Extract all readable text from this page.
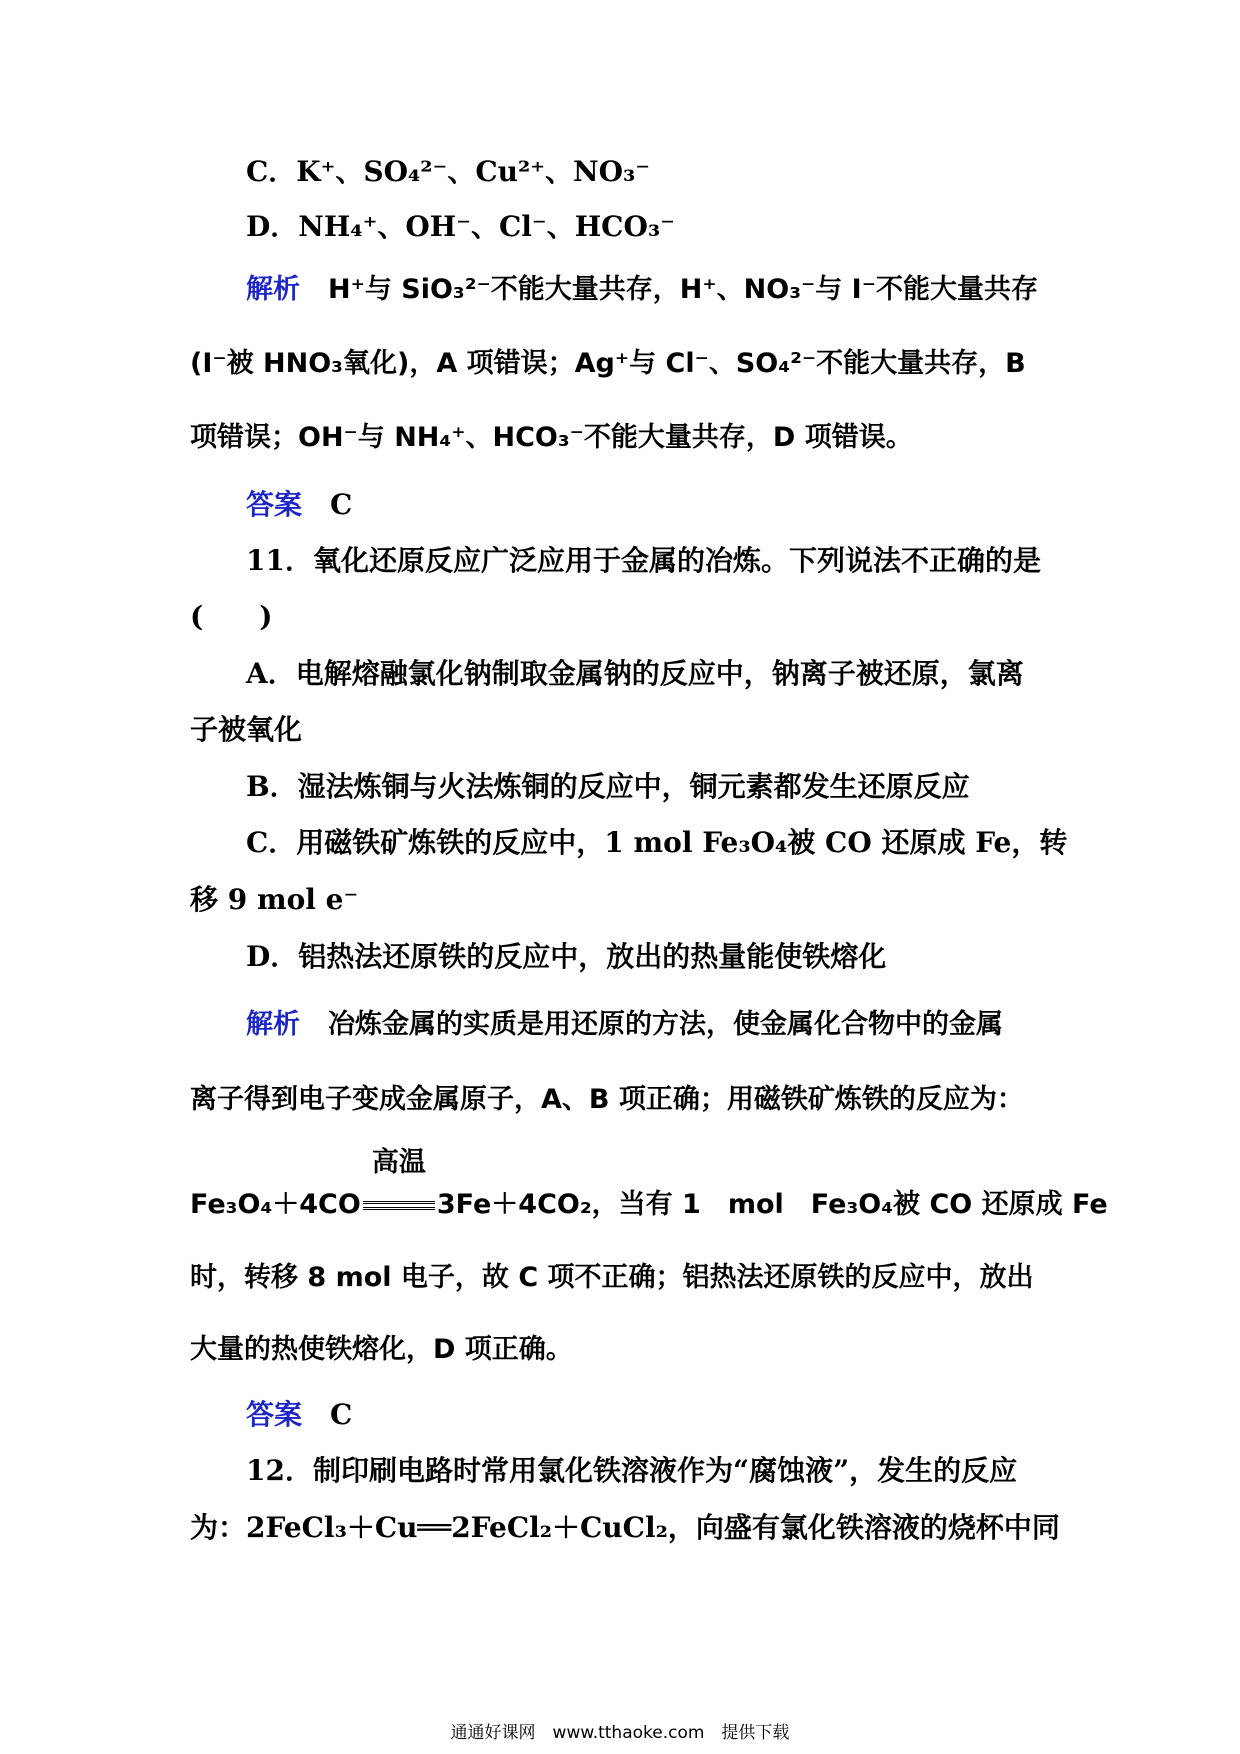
C．K⁺、SO₄²⁻、Cu²⁺、NO₃⁻
D．NH₄⁺、OH⁻、Cl⁻、HCO₃⁻
解析 H⁺与 SiO₃²⁻不能大量共存，H⁺、NO₃⁻与 I⁻不能大量共存
(I⁻被 HNO₃氧化)，A 项错误；Ag⁺与 Cl⁻、SO₄²⁻不能大量共存，B
项错误；OH⁻与 NH₄⁺、HCO₃⁻不能大量共存，D 项错误。
答案 C
11．氧化还原反应广泛应用于金属的冶炼。下列说法不正确的是
(　　)
A．电解熔融氯化钠制取金属钠的反应中，钠离子被还原，氯离
子被氧化
B．湿法炼铜与火法炼铜的反应中，铜元素都发生还原反应
C．用磁铁矿炼铁的反应中，1 mol Fe₃O₄被 CO 还原成 Fe，转
移 9 mol e⁻
D．铝热法还原铁的反应中，放出的热量能使铁熔化
解析 冶炼金属的实质是用还原的方法，使金属化合物中的金属
离子得到电子变成金属原子，A、B 项正确；用磁铁矿炼铁的反应为：
Fe₃O₄＋4CO
高温
3Fe＋4CO₂，当有 1　mol　Fe₃O₄被 CO 还原成 Fe
时，转移 8 mol 电子，故 C 项不正确；铝热法还原铁的反应中，放出
大量的热使铁熔化，D 项正确。
答案 C
12．制印刷电路时常用氯化铁溶液作为“腐蚀液”，发生的反应
为：2FeCl₃＋Cu══2FeCl₂＋CuCl₂，向盛有氯化铁溶液的烧杯中同
通通好课网　www.tthaoke.com　提供下载
